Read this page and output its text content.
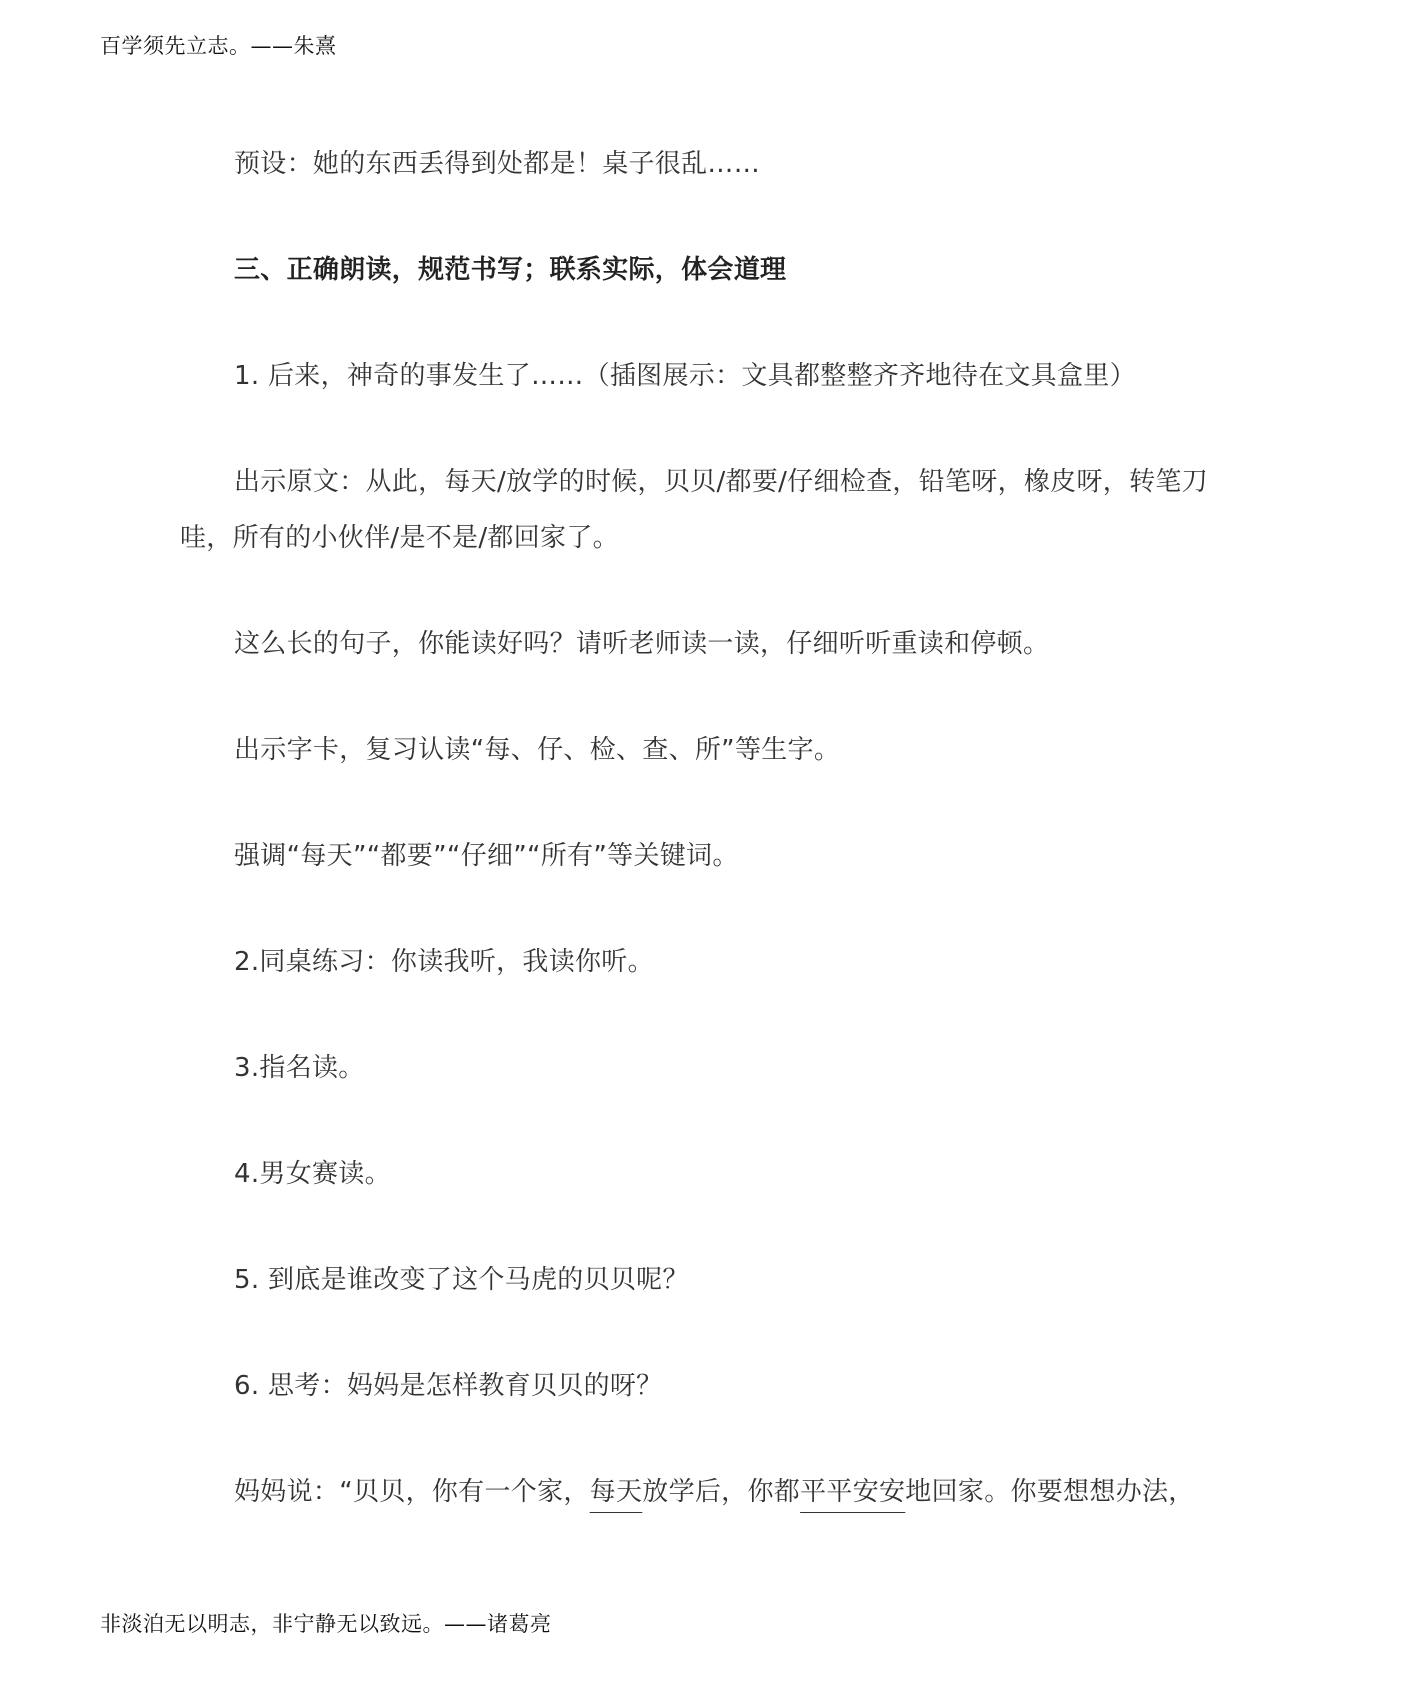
百学须先立志。——朱熹

预设：她的东西丢得到处都是！桌子很乱……

三、正确朗读，规范书写；联系实际，体会道理

1. 后来，神奇的事发生了……（插图展示：文具都整整齐齐地待在文具盒里）

出示原文：从此，每天/放学的时候，贝贝/都要/仔细检查，铅笔呀，橡皮呀，转笔刀哇，所有的小伙伴/是不是/都回家了。

这么长的句子，你能读好吗？请听老师读一读，仔细听听重读和停顿。

出示字卡，复习认读“每、仔、检、查、所”等生字。

强调“每天”“都要”“仔细”“所有”等关键词。

2.同桌练习：你读我听，我读你听。

3.指名读。

4.男女赛读。

5. 到底是谁改变了这个马虎的贝贝呢？

6. 思考：妈妈是怎样教育贝贝的呀？

妈妈说：“贝贝，你有一个家，每天放学后，你都平平安安地回家。你要想想办法，

非淡泊无以明志，非宁静无以致远。——诸葛亮
